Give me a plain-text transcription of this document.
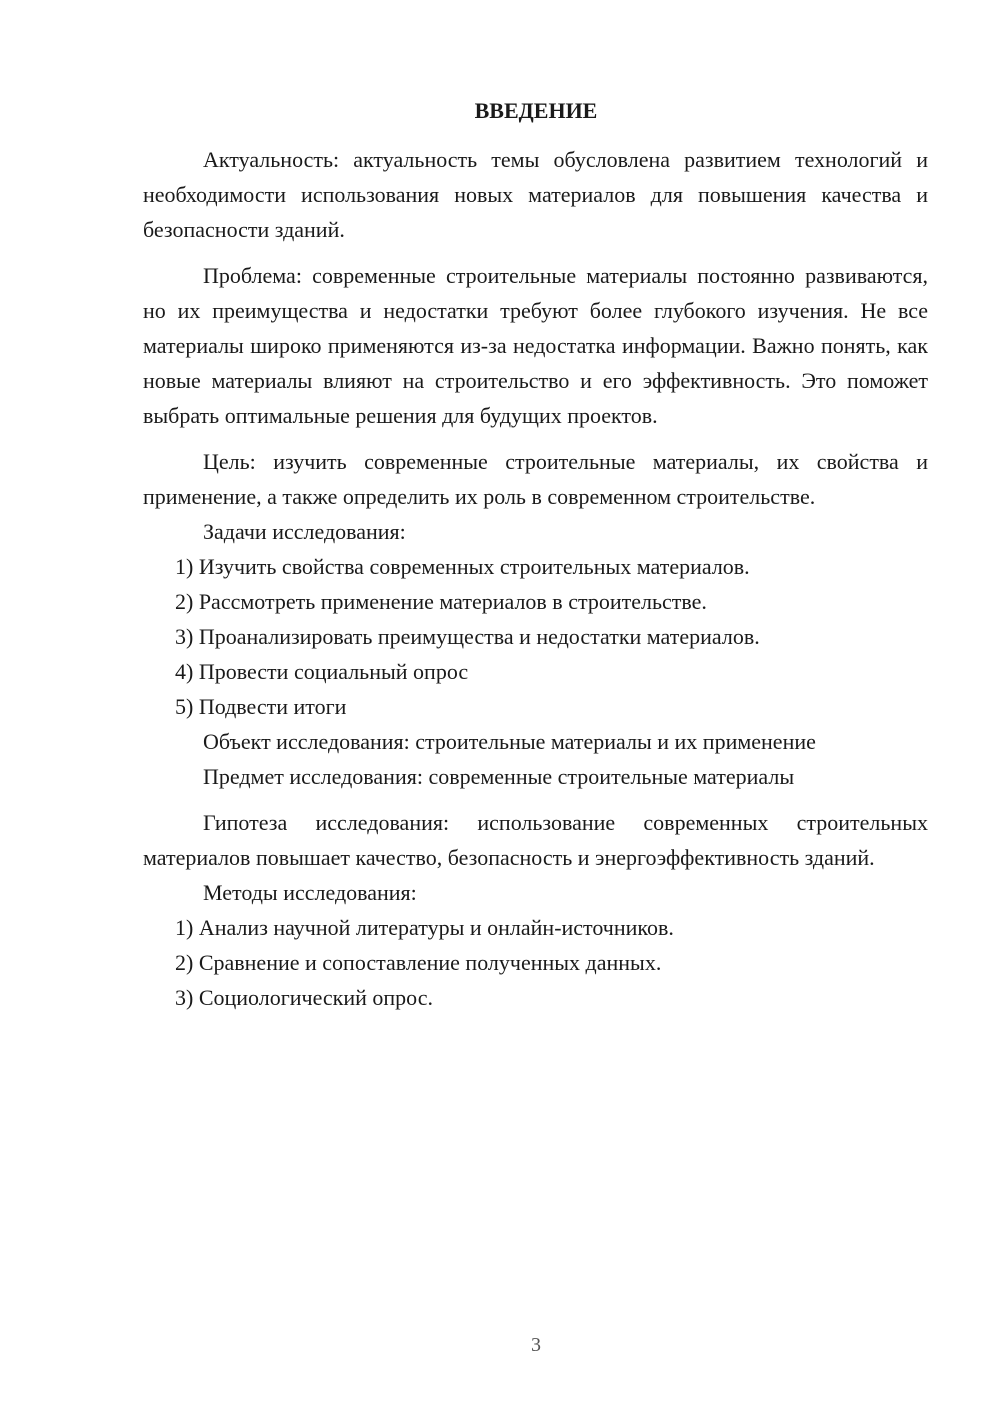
ВВЕДЕНИЕ

Актуальность: актуальность темы обусловлена развитием технологий и необходимости использования новых материалов для повышения качества и безопасности зданий.

Проблема: современные строительные материалы постоянно развиваются, но их преимущества и недостатки требуют более глубокого изучения. Не все материалы широко применяются из-за недостатка информации. Важно понять, как новые материалы влияют на строительство и его эффективность. Это поможет выбрать оптимальные решения для будущих проектов.

Цель: изучить современные строительные материалы, их свойства и применение, а также определить их роль в современном строительстве.

Задачи исследования:

1) Изучить свойства современных строительных материалов.

2) Рассмотреть применение материалов в строительстве.

3) Проанализировать преимущества и недостатки материалов.

4) Провести социальный опрос

5) Подвести итоги

Объект исследования: строительные материалы и их применение

Предмет исследования: современные строительные материалы

Гипотеза исследования: использование современных строительных материалов повышает качество, безопасность и энергоэффективность зданий.

Методы исследования:

1) Анализ научной литературы и онлайн-источников.

2) Сравнение и сопоставление полученных данных.

3) Социологический опрос.

3
